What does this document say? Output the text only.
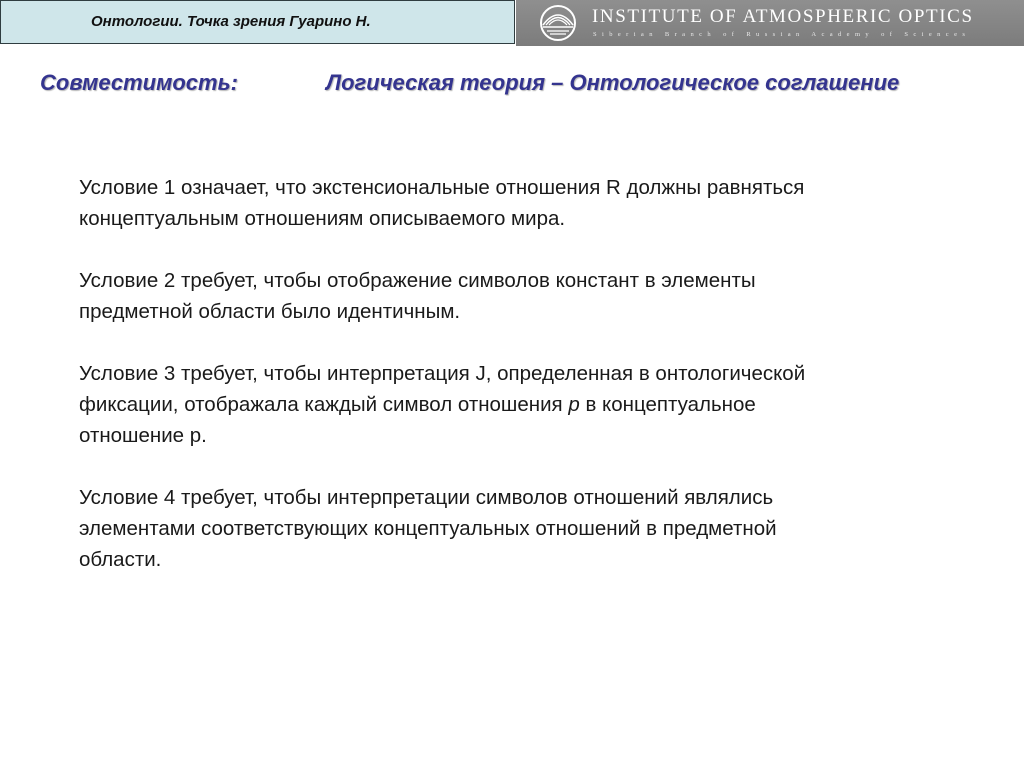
Онтологии. Точка зрения Гуарино Н.	INSTITUTE OF ATMOSPHERIC OPTICS
Siberian Branch of Russian Academy of Sciences
Совместимость:	Логическая теория – Онтологическое соглашение

Условие 1 означает, что экстенсиональные отношения R должны равняться
концептуальным отношениям описываемого мира.

Условие 2 требует, чтобы отображение символов констант в элементы
предметной области было идентичным.

Условие 3 требует, чтобы интерпретация J, определенная в онтологической
фиксации, отображала каждый символ отношения p в концептуальное
отношение р.

Условие 4 требует, чтобы интерпретации символов отношений являлись
элементами соответствующих концептуальных отношений в предметной
области.
